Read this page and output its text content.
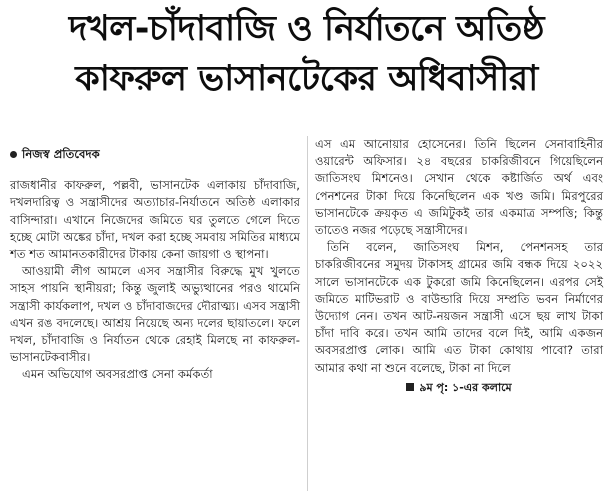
দখল-চাঁদাবাজি ও নির্যাতনে অতিষ্ঠ
কাফরুল ভাসানটেকের অধিবাসীরা
নিজস্ব প্রতিবেদক

রাজধানীর কাফরুল, পল্লবী, ভাসানটেক এলাকায় চাঁদাবাজি, দখলদারিত্ব ও সন্ত্রাসীদের অত্যাচার-নির্যাতনে অতিষ্ঠ এলাকার বাসিন্দারা। এখানে নিজেদের জমিতে ঘর তুলতে গেলে দিতে হচ্ছে মোটা অঙ্কের চাঁদা, দখল করা হচ্ছে সমবায় সমিতির মাধ্যমে শত শত আমানতকারীদের টাকায় কেনা জায়গা ও স্থাপনা।

আওয়ামী লীগ আমলে এসব সন্ত্রাসীর বিরুদ্ধে মুখ খুলতে সাহস পায়নি স্থানীয়রা; কিন্তু জুলাই অভ্যুত্থানের পরও থামেনি সন্ত্রাসী কার্যকলাপ, দখল ও চাঁদাবাজদের দৌরাত্ম্য। এসব সন্ত্রাসী এখন রঙ বদলেছে। আশ্রয় নিয়েছে অন্য দলের ছায়াতলে। ফলে দখল, চাঁদাবাজি ও নির্যাতন থেকে রেহাই মিলছে না কাফরুল-ভাসানটেকবাসীর।

এমন অভিযোগ অবসরপ্রাপ্ত সেনা কর্মকর্তা

এস এম আনোয়ার হোসেনের। তিনি ছিলেন সেনাবাহিনীর ওয়ারেন্ট অফিসার। ২৪ বছরের চাকরিজীবনে গিয়েছিলেন জাতিসংঘ মিশনেও। সেখান থেকে কষ্টার্জিত অর্থ এবং পেনশনের টাকা দিয়ে কিনেছিলেন এক খণ্ড জমি। মিরপুরের ভাসানটেকে ক্রয়কৃত এ জমিটুকই তার একমাত্র সম্পত্তি; কিন্তু তাতেও নজর পড়েছে সন্ত্রাসীদের।

তিনি বলেন, জাতিসংঘ মিশন, পেনশনসহ তার চাকরিজীবনের সমুদয় টাকাসহ গ্রামের জমি বন্ধক দিয়ে ২০২২ সালে ভাসানটেকে এক টুকরো জমি কিনেছিলেন। এরপর সেই জমিতে মাটিভরাট ও বাউন্ডারি দিয়ে সম্প্রতি ভবন নির্মাণের উদ্যোগ নেন। তখন আট-নয়জন সন্ত্রাসী এসে ছয় লাখ টাকা চাঁদা দাবি করে। তখন আমি তাদের বলে দিই, আমি একজন অবসরপ্রাপ্ত লোক। আমি এত টাকা কোথায় পাবো? তারা আমার কথা না শুনে বলেছে, টাকা না দিলে

৯ম পৃ: ১-এর কলামে
